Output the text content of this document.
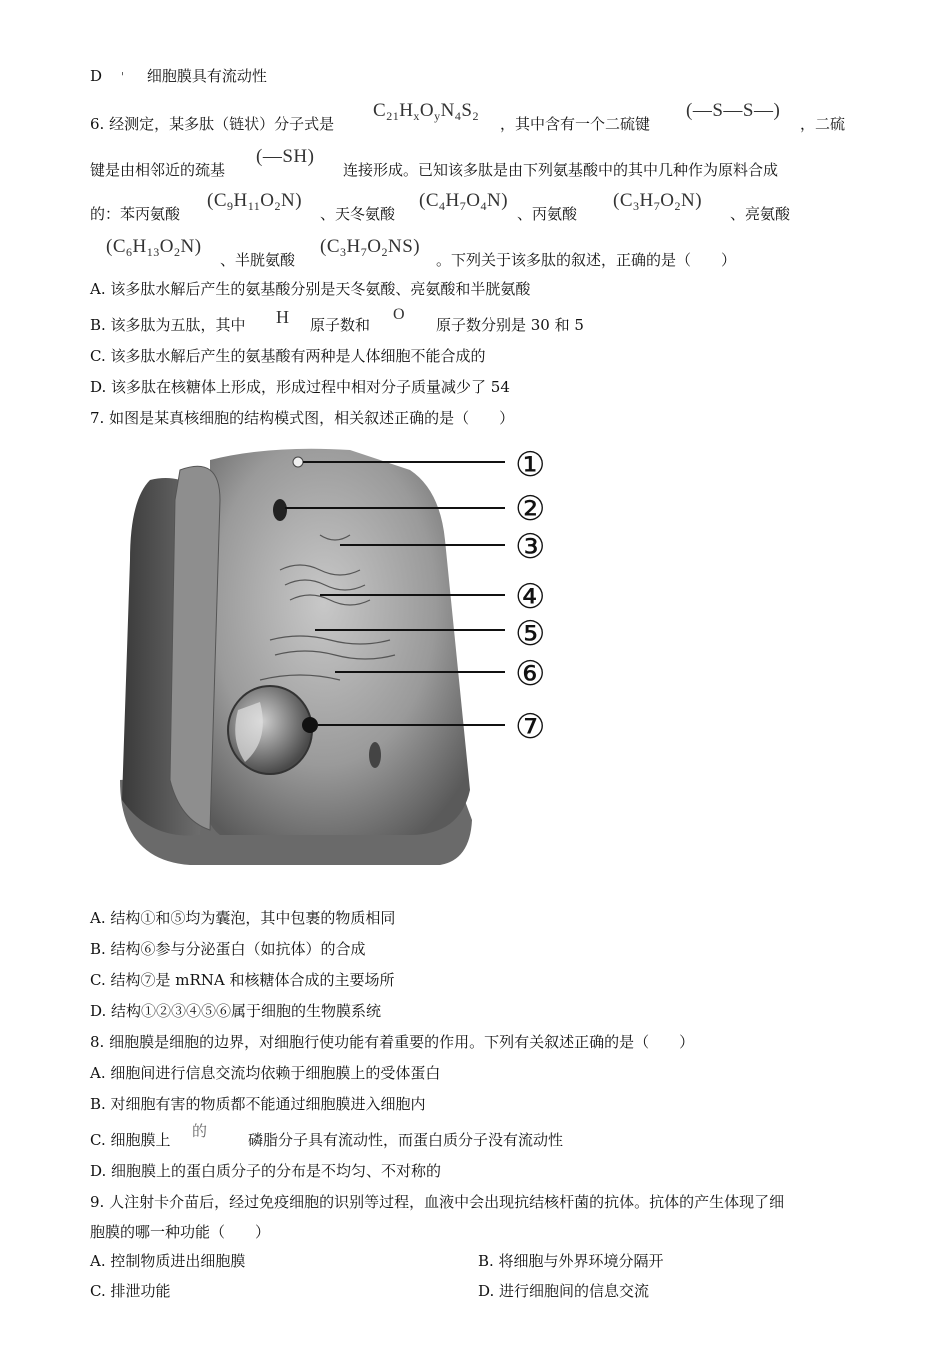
D ' 细胞膜具有流动性
6. 经测定，某多肽（链状）分子式是
$C_{21}H_xO_yN_4S_2$ ，其中含有一个二硫键
(—S—S—)
，二硫
键是由相邻近的巯基
(—SH)
连接形成。已知该多肽是由下列氨基酸中的其中几种作为原料合成
的：苯丙氨酸
$(C_9H_{11}O_2N)$
、天冬氨酸
$(C_4H_7O_4N)$
、丙氨酸
$(C_3H_7O_2N)$
、亮氨酸
$(C_6H_{13}O_2N)$
、半胱氨酸
$(C_3H_7O_2NS)$
。下列关于该多肽的叙述，正确的是（　　）
A. 该多肽水解后产生的氨基酸分别是天冬氨酸、亮氨酸和半胱氨酸
B. 该多肽为五肽，其中 H 原子数和
O
原子数分别是 30 和 5
C. 该多肽水解后产生的氨基酸有两种是人体细胞不能合成的
D. 该多肽在核糖体上形成，形成过程中相对分子质量减少了 54
7. 如图是某真核细胞的结构模式图，相关叙述正确的是（　　）
①
②
③
④
⑤
⑥
⑦
A. 结构①和⑤均为囊泡，其中包裹的物质相同
B. 结构⑥参与分泌蛋白（如抗体）的合成
C. 结构⑦是 mRNA 和核糖体合成的主要场所
D. 结构①②③④⑤⑥属于细胞的生物膜系统
8. 细胞膜是细胞的边界，对细胞行使功能有着重要的作用。下列有关叙述正确的是（　　）
A. 细胞间进行信息交流均依赖于细胞膜上的受体蛋白
B. 对细胞有害的物质都不能通过细胞膜进入细胞内
C. 细胞膜上 的	磷脂分子具有流动性，而蛋白质分子没有流动性
D. 细胞膜上的蛋白质分子的分布是不均匀、不对称的
9. 人注射卡介苗后，经过免疫细胞的识别等过程，血液中会出现抗结核杆菌的抗体。抗体的产生体现了细
胞膜的哪一种功能（　　）
A. 控制物质进出细胞膜	B. 将细胞与外界环境分隔开
C. 排泄功能	D. 进行细胞间的信息交流
